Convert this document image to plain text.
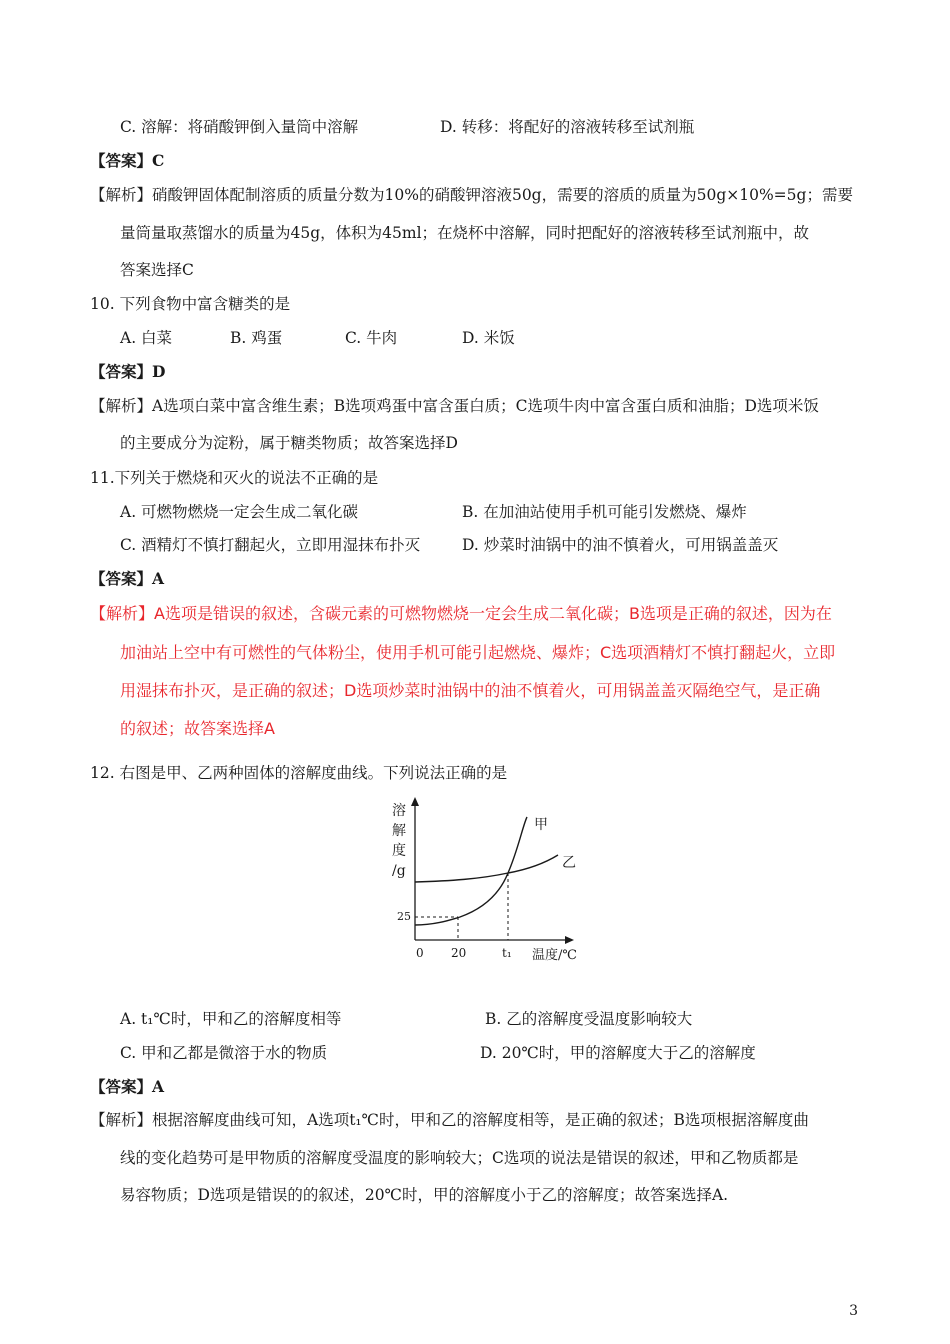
C. 溶解：将硝酸钾倒入量筒中溶解	D. 转移：将配好的溶液转移至试剂瓶
【答案】C
【解析】硝酸钾固体配制溶质的质量分数为10%的硝酸钾溶液50g，需要的溶质的质量为50g×10%=5g；需要
量筒量取蒸馏水的质量为45g，体积为45ml；在烧杯中溶解，同时把配好的溶液转移至试剂瓶中，故
答案选择C
10. 下列食物中富含糖类的是
A. 白菜	B. 鸡蛋	C. 牛肉	D. 米饭
【答案】D
【解析】A选项白菜中富含维生素；B选项鸡蛋中富含蛋白质；C选项牛肉中富含蛋白质和油脂；D选项米饭
的主要成分为淀粉，属于糖类物质；故答案选择D
11.下列关于燃烧和灭火的说法不正确的是
A. 可燃物燃烧一定会生成二氧化碳	B. 在加油站使用手机可能引发燃烧、爆炸
C. 酒精灯不慎打翻起火，立即用湿抹布扑灭	D. 炒菜时油锅中的油不慎着火，可用锅盖盖灭
【答案】A
【解析】A选项是错误的叙述，含碳元素的可燃物燃烧一定会生成二氧化碳；B选项是正确的叙述，因为在
加油站上空中有可燃性的气体粉尘，使用手机可能引起燃烧、爆炸；C选项酒精灯不慎打翻起火，立即
用湿抹布扑灭，是正确的叙述；D选项炒菜时油锅中的油不慎着火，可用锅盖盖灭隔绝空气，是正确
的叙述；故答案选择A
12. 右图是甲、乙两种固体的溶解度曲线。下列说法正确的是
溶
解
度
/g
甲
乙
25
0 20	t₁ 温度/℃
A. t₁℃时，甲和乙的溶解度相等	B. 乙的溶解度受温度影响较大
C. 甲和乙都是微溶于水的物质	D. 20℃时，甲的溶解度大于乙的溶解度
【答案】A
【解析】根据溶解度曲线可知，A选项t₁℃时，甲和乙的溶解度相等，是正确的叙述；B选项根据溶解度曲
线的变化趋势可是甲物质的溶解度受温度的影响较大；C选项的说法是错误的叙述，甲和乙物质都是
易容物质；D选项是错误的的叙述，20℃时，甲的溶解度小于乙的溶解度；故答案选择A.
3
